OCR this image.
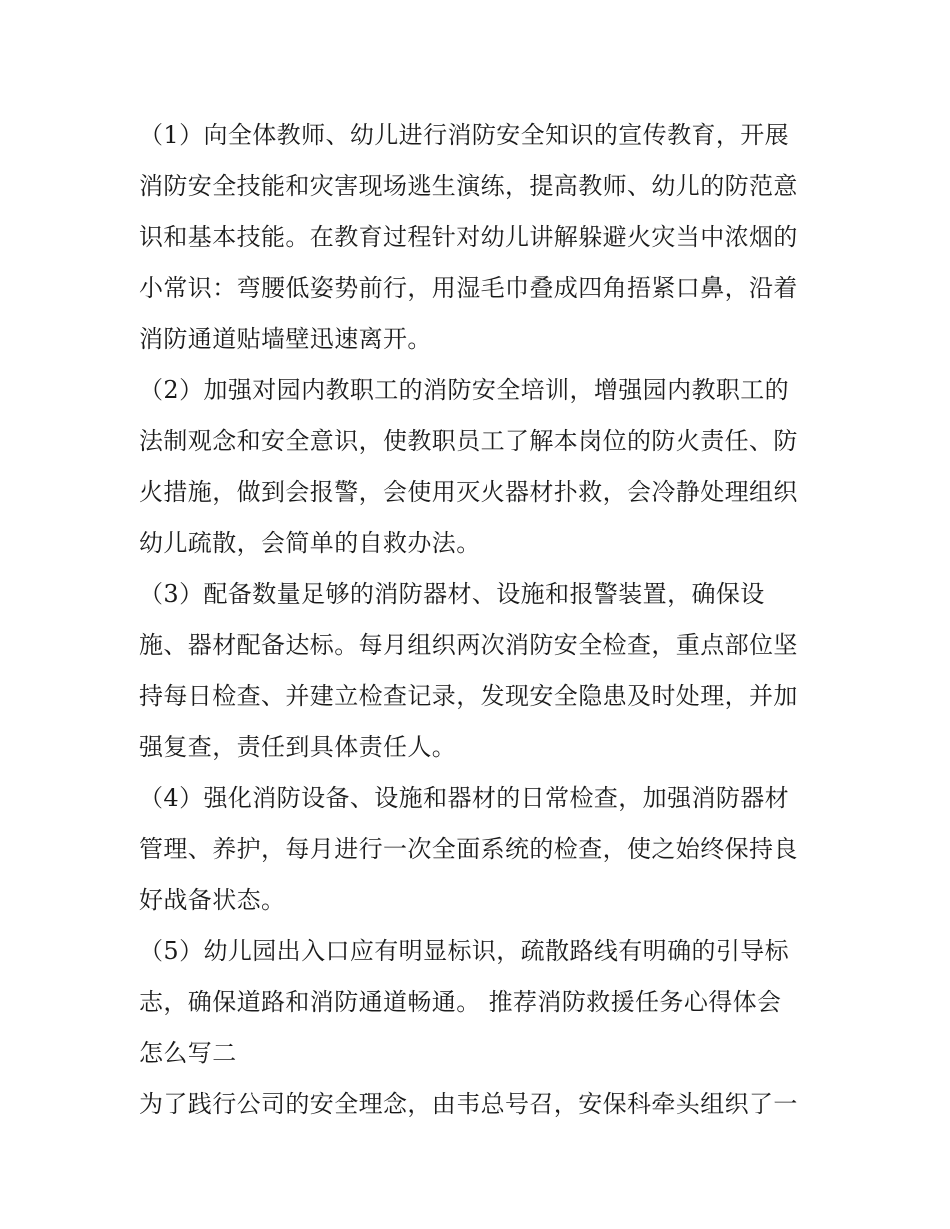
（1）向全体教师、幼儿进行消防安全知识的宣传教育，开展
消防安全技能和灾害现场逃生演练，提高教师、幼儿的防范意
识和基本技能。在教育过程针对幼儿讲解躲避火灾当中浓烟的
小常识：弯腰低姿势前行，用湿毛巾叠成四角捂紧口鼻，沿着
消防通道贴墙壁迅速离开。
（2）加强对园内教职工的消防安全培训，增强园内教职工的
法制观念和安全意识，使教职员工了解本岗位的防火责任、防
火措施，做到会报警，会使用灭火器材扑救，会冷静处理组织
幼儿疏散，会简单的自救办法。
（3）配备数量足够的消防器材、设施和报警装置，确保设
施、器材配备达标。每月组织两次消防安全检查，重点部位坚
持每日检查、并建立检查记录，发现安全隐患及时处理，并加
强复查，责任到具体责任人。
（4）强化消防设备、设施和器材的日常检查，加强消防器材
管理、养护，每月进行一次全面系统的检查，使之始终保持良
好战备状态。
（5）幼儿园出入口应有明显标识，疏散路线有明确的引导标
志，确保道路和消防通道畅通。 推荐消防救援任务心得体会
怎么写二
为了践行公司的安全理念，由韦总号召，安保科牵头组织了一
